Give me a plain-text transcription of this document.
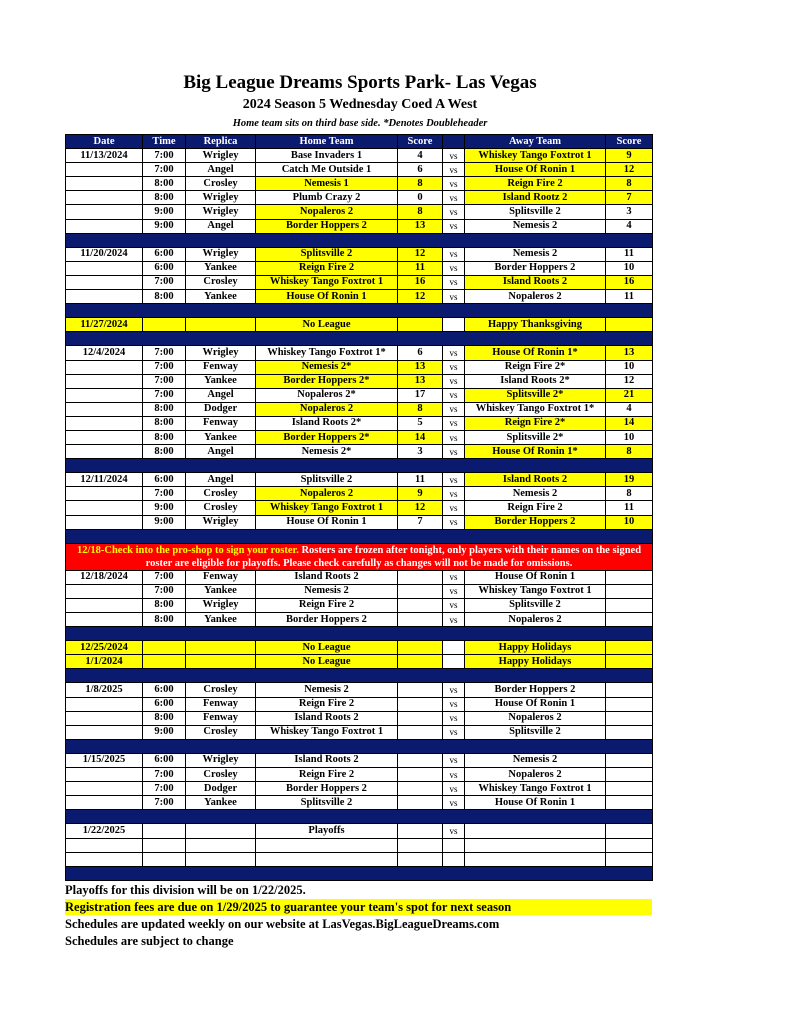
Big League Dreams Sports Park- Las Vegas
2024 Season 5 Wednesday Coed A West
Home team sits on third base side. *Denotes Doubleheader
Date	Time	Replica	Home Team	Score		Away Team	Score
11/13/2024	7:00	Wrigley	Base Invaders 1	4	vs	Whiskey Tango Foxtrot 1	9
	7:00	Angel	Catch Me Outside 1	6	vs	House Of Ronin 1	12
	8:00	Crosley	Nemesis 1	8	vs	Reign Fire 2	8
	8:00	Wrigley	Plumb Crazy 2	0	vs	Island Rootz 2	7
	9:00	Wrigley	Nopaleros 2	8	vs	Splitsville 2	3
	9:00	Angel	Border Hoppers 2	13	vs	Nemesis 2	4

11/20/2024	6:00	Wrigley	Splitsville 2	12	vs	Nemesis 2	11
	6:00	Yankee	Reign Fire 2	11	vs	Border Hoppers 2	10
	7:00	Crosley	Whiskey Tango Foxtrot 1	16	vs	Island Roots 2	16
	8:00	Yankee	House Of Ronin 1	12	vs	Nopaleros 2	11

11/27/2024			No League			Happy Thanksgiving	

12/4/2024	7:00	Wrigley	Whiskey Tango Foxtrot 1*	6	vs	House Of Ronin 1*	13
	7:00	Fenway	Nemesis 2*	13	vs	Reign Fire 2*	10
	7:00	Yankee	Border Hoppers 2*	13	vs	Island Roots 2*	12
	7:00	Angel	Nopaleros 2*	17	vs	Splitsville 2*	21
	8:00	Dodger	Nopaleros 2	8	vs	Whiskey Tango Foxtrot 1*	4
	8:00	Fenway	Island Roots 2*	5	vs	Reign Fire 2*	14
	8:00	Yankee	Border Hoppers 2*	14	vs	Splitsville 2*	10
	8:00	Angel	Nemesis 2*	3	vs	House Of Ronin 1*	8

12/11/2024	6:00	Angel	Splitsville 2	11	vs	Island Roots 2	19
	7:00	Crosley	Nopaleros 2	9	vs	Nemesis 2	8
	9:00	Crosley	Whiskey Tango Foxtrot 1	12	vs	Reign Fire 2	11
	9:00	Wrigley	House Of Ronin 1	7	vs	Border Hoppers 2	10

12/18-Check into the pro-shop to sign your roster. Rosters are frozen after tonight, only players with their names on the signed roster are eligible for playoffs. Please check carefully as changes will not be made for omissions.							
12/18/2024	7:00	Fenway	Island Roots 2		vs	House Of Ronin 1	
	7:00	Yankee	Nemesis 2		vs	Whiskey Tango Foxtrot 1	
	8:00	Wrigley	Reign Fire 2		vs	Splitsville 2	
	8:00	Yankee	Border Hoppers 2		vs	Nopaleros 2	

12/25/2024			No League			Happy Holidays	
1/1/2024			No League			Happy Holidays	

1/8/2025	6:00	Crosley	Nemesis 2		vs	Border Hoppers 2	
	6:00	Fenway	Reign Fire 2		vs	House Of Ronin 1	
	8:00	Fenway	Island Roots 2		vs	Nopaleros 2	
	9:00	Crosley	Whiskey Tango Foxtrot 1		vs	Splitsville 2	

1/15/2025	6:00	Wrigley	Island Roots 2		vs	Nemesis 2	
	7:00	Crosley	Reign Fire 2		vs	Nopaleros 2	
	7:00	Dodger	Border Hoppers 2		vs	Whiskey Tango Foxtrot 1	
	7:00	Yankee	Splitsville 2		vs	House Of Ronin 1	

1/22/2025			Playoffs		vs		

Playoffs for this division will be on 1/22/2025.
Registration fees are due on 1/29/2025 to guarantee your team's spot for next season
Schedules are updated weekly on our website at LasVegas.BigLeagueDreams.com
Schedules are subject to change
